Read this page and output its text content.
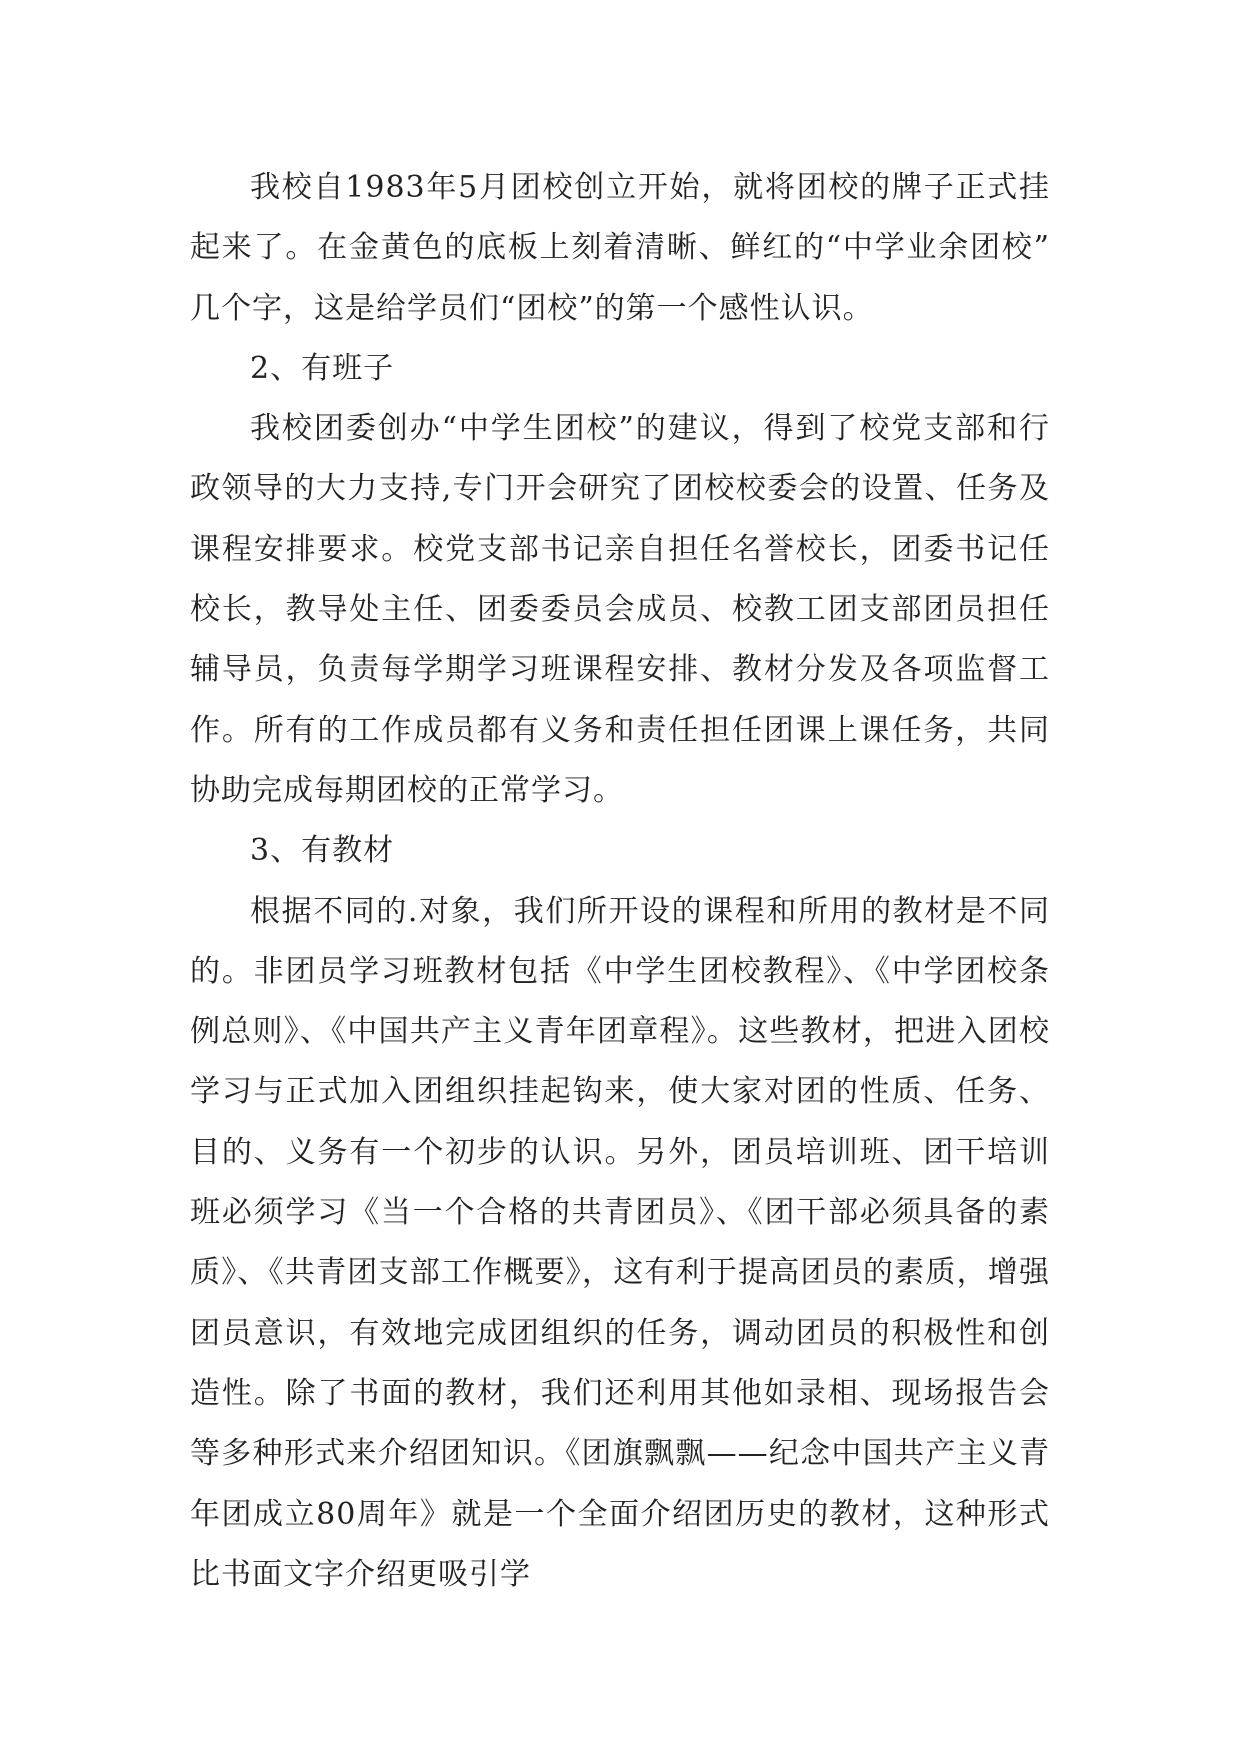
我校自1983年5月团校创立开始，就将团校的牌子正式挂起来了。在金黄色的底板上刻着清晰、鲜红的“中学业余团校”几个字，这是给学员们“团校”的第一个感性认识。

2、有班子

我校团委创办“中学生团校”的建议，得到了校党支部和行政领导的大力支持,专门开会研究了团校校委会的设置、任务及课程安排要求。校党支部书记亲自担任名誉校长，团委书记任校长，教导处主任、团委委员会成员、校教工团支部团员担任辅导员，负责每学期学习班课程安排、教材分发及各项监督工作。所有的工作成员都有义务和责任担任团课上课任务，共同协助完成每期团校的正常学习。

3、有教材

根据不同的.对象，我们所开设的课程和所用的教材是不同的。非团员学习班教材包括《中学生团校教程》、《中学团校条例总则》、《中国共产主义青年团章程》。这些教材，把进入团校学习与正式加入团组织挂起钩来，使大家对团的性质、任务、目的、义务有一个初步的认识。另外，团员培训班、团干培训班必须学习《当一个合格的共青团员》、《团干部必须具备的素质》、《共青团支部工作概要》，这有利于提高团员的素质，增强团员意识，有效地完成团组织的任务，调动团员的积极性和创造性。除了书面的教材，我们还利用其他如录相、现场报告会等多种形式来介绍团知识。《团旗飘飘——纪念中国共产主义青年团成立80周年》就是一个全面介绍团历史的教材，这种形式比书面文字介绍更吸引学
